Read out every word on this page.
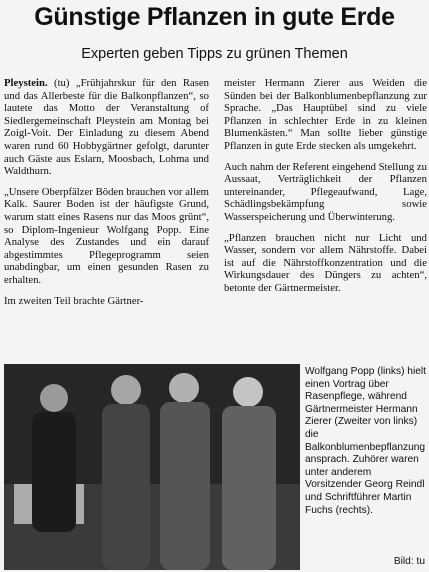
Günstige Pflanzen in gute Erde
Experten geben Tipps zu grünen Themen

Pleystein. (tu) „Frühjahrskur für den Rasen und das Allerbeste für die Balkonpflanzen“, so lautete das Motto der Veranstaltung of Siedlergemeinschaft Pleystein am Montag bei Zoigl-Voit. Der Einladung zu diesem Abend waren rund 60 Hobbygärtner gefolgt, darunter auch Gäste aus Eslarn, Moosbach, Lohma und Waldthurn.

„Unsere Oberpfälzer Böden brauchen vor allem Kalk. Saurer Boden ist der häufigste Grund, warum statt eines Rasens nur das Moos grünt“, so Diplom-Ingenieur Wolfgang Popp. Eine Analyse des Zustandes und ein darauf abgestimmtes Pflegeprogramm seien unabdingbar, um einen gesunden Rasen zu erhalten.

Im zweiten Teil brachte Gärtner-

meister Hermann Zierer aus Weiden die Sünden bei der Balkonblumenbepflanzung zur Sprache. „Das Hauptübel sind zu viele Pflanzen in schlechter Erde in zu kleinen Blumenkästen.“ Man sollte lieber günstige Pflanzen in gute Erde stecken als umgekehrt.

Auch nahm der Referent eingehend Stellung zu Aussaat, Verträglichkeit der Pflanzen untereinander, Pflegeaufwand, Lage, Schädlingsbekämpfung sowie Wasserspeicherung und Überwinterung.

„Pflanzen brauchen nicht nur Licht und Wasser, sondern vor allem Nährstoffe. Dabei ist auf die Nährstoffkonzentration und die Wirkungsdauer des Düngers zu achten“, betonte der Gärtnermeister.

Wolfgang Popp (links) hielt einen Vortrag über Rasenpflege, während Gärtnermeister Hermann Zierer (Zweiter von links) die Balkonblumenbepflanzung ansprach. Zuhörer waren unter anderem Vorsitzender Georg Reindl und Schriftführer Martin Fuchs (rechts).
Bild: tu
